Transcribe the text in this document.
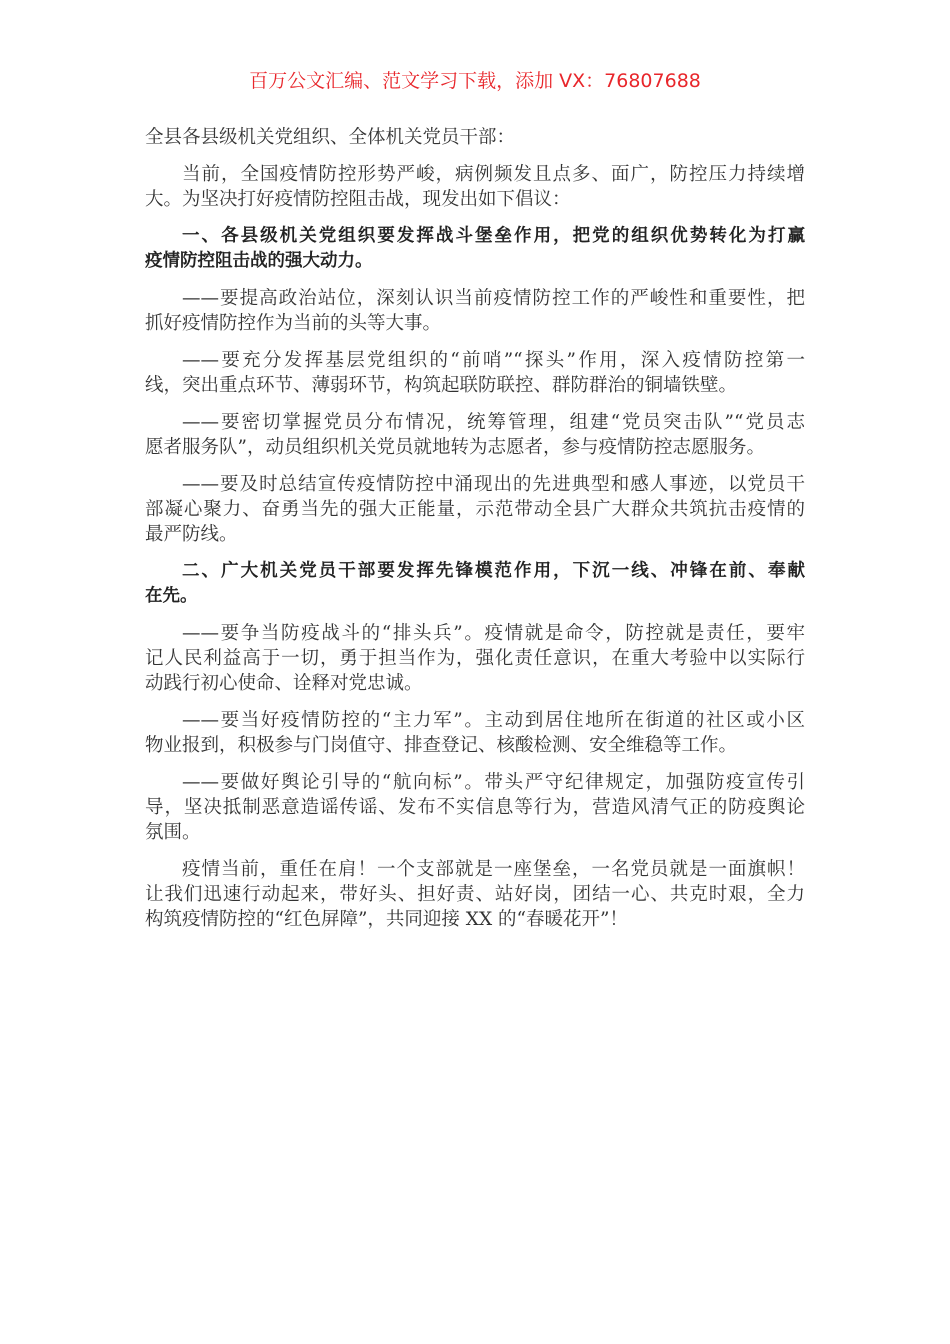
百万公文汇编、范文学习下载，添加 VX：76807688
全县各县级机关党组织、全体机关党员干部：
当前，全国疫情防控形势严峻，病例频发且点多、面广，防控压力持续增
大。为坚决打好疫情防控阻击战，现发出如下倡议：
一、各县级机关党组织要发挥战斗堡垒作用，把党的组织优势转化为打赢
疫情防控阻击战的强大动力。
——要提高政治站位，深刻认识当前疫情防控工作的严峻性和重要性，把
抓好疫情防控作为当前的头等大事。
——要充分发挥基层党组织的“前哨”“探头”作用，深入疫情防控第一
线，突出重点环节、薄弱环节，构筑起联防联控、群防群治的铜墙铁壁。
——要密切掌握党员分布情况，统筹管理，组建“党员突击队”“党员志
愿者服务队”，动员组织机关党员就地转为志愿者，参与疫情防控志愿服务。
——要及时总结宣传疫情防控中涌现出的先进典型和感人事迹，以党员干
部凝心聚力、奋勇当先的强大正能量，示范带动全县广大群众共筑抗击疫情的
最严防线。
二、广大机关党员干部要发挥先锋模范作用，下沉一线、冲锋在前、奉献
在先。
——要争当防疫战斗的“排头兵”。疫情就是命令，防控就是责任，要牢
记人民利益高于一切，勇于担当作为，强化责任意识，在重大考验中以实际行
动践行初心使命、诠释对党忠诚。
——要当好疫情防控的“主力军”。主动到居住地所在街道的社区或小区
物业报到，积极参与门岗值守、排查登记、核酸检测、安全维稳等工作。
——要做好舆论引导的“航向标”。带头严守纪律规定，加强防疫宣传引
导，坚决抵制恶意造谣传谣、发布不实信息等行为，营造风清气正的防疫舆论
氛围。
疫情当前，重任在肩！一个支部就是一座堡垒，一名党员就是一面旗帜！
让我们迅速行动起来，带好头、担好责、站好岗，团结一心、共克时艰，全力
构筑疫情防控的“红色屏障”，共同迎接 XX 的“春暖花开”！
